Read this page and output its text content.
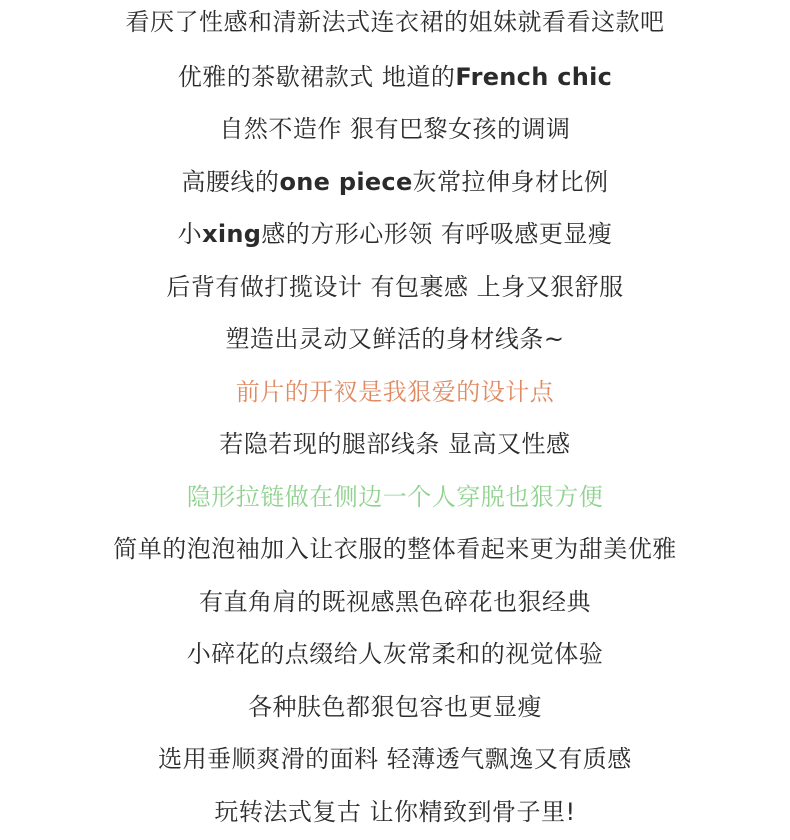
看厌了性感和清新法式连衣裙的姐妹就看看这款吧
优雅的茶歇裙款式 地道的French chic
自然不造作 狠有巴黎女孩的调调
高腰线的one piece灰常拉伸身材比例
小xing感的方形心形领 有呼吸感更显瘦
后背有做打揽设计 有包裹感 上身又狠舒服
塑造出灵动又鲜活的身材线条~
前片的开衩是我狠爱的设计点
若隐若现的腿部线条 显高又性感
隐形拉链做在侧边一个人穿脱也狠方便
简单的泡泡袖加入让衣服的整体看起来更为甜美优雅
有直角肩的既视感黑色碎花也狠经典
小碎花的点缀给人灰常柔和的视觉体验
各种肤色都狠包容也更显瘦
选用垂顺爽滑的面料 轻薄透气飘逸又有质感
玩转法式复古 让你精致到骨子里!
